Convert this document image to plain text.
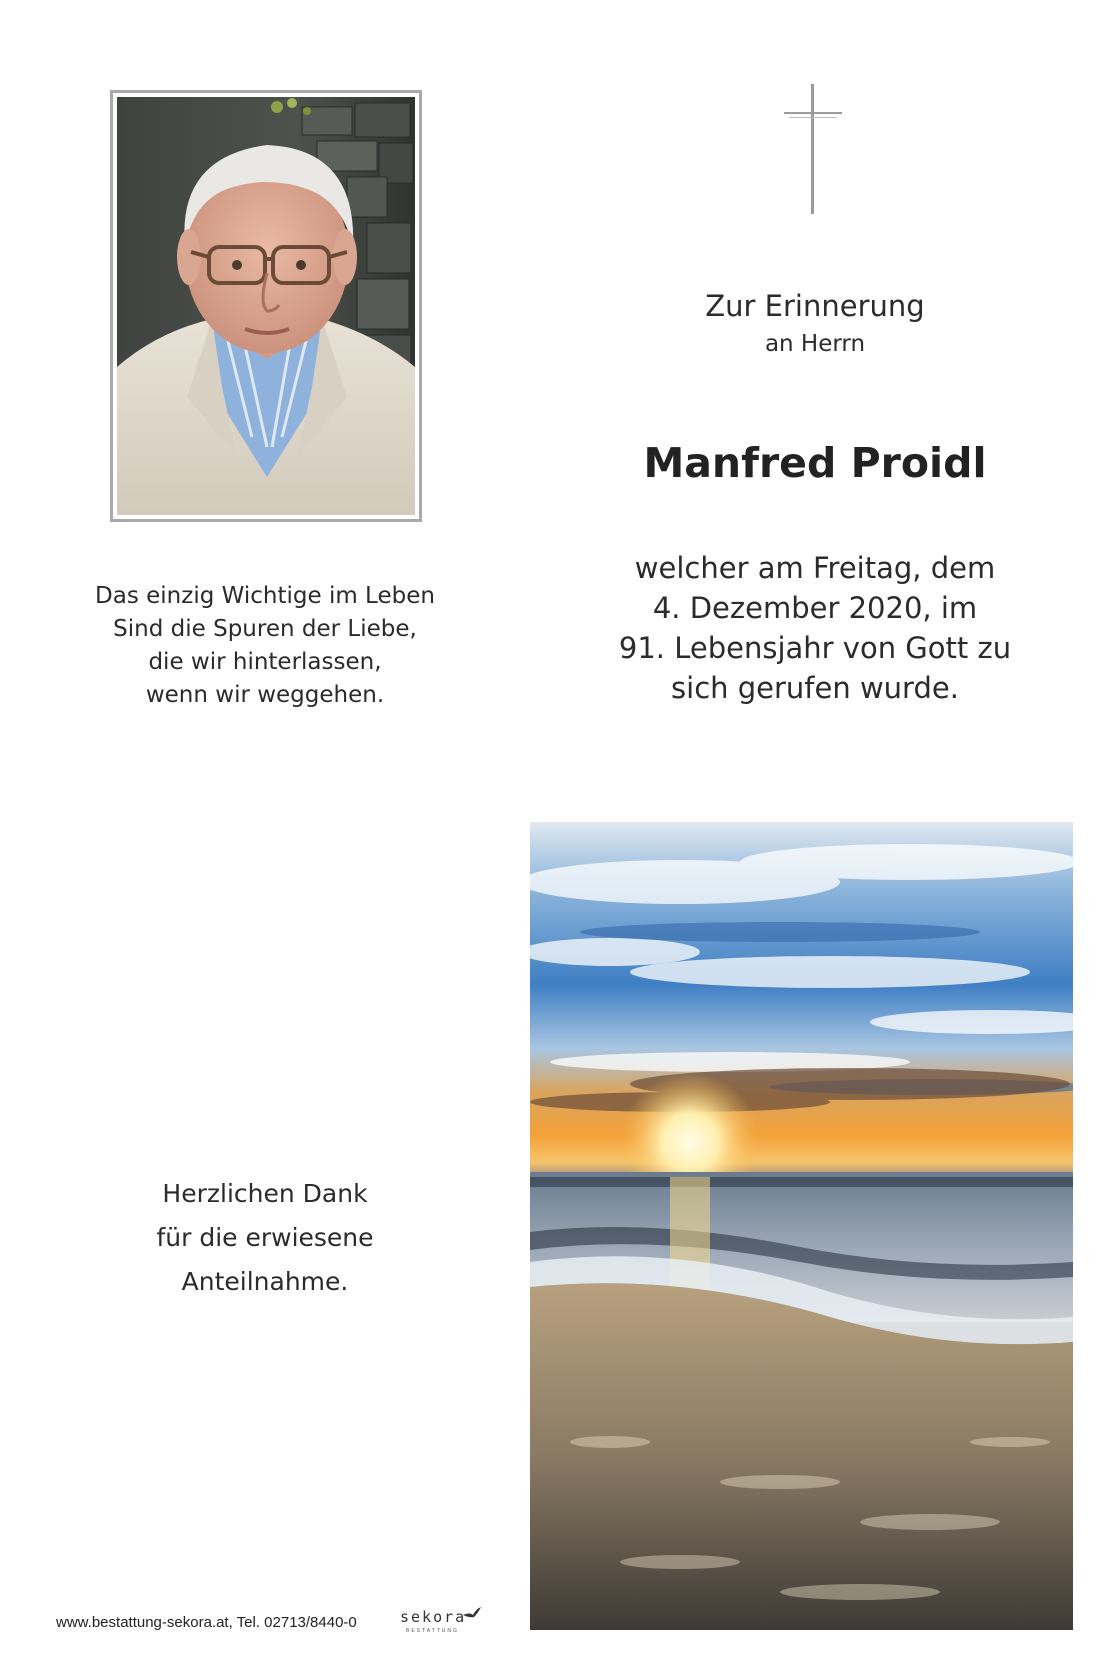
Zur Erinnerung
an Herrn
Manfred Proidl
welcher am Freitag, dem
4. Dezember 2020, im
91. Lebensjahr von Gott zu
sich gerufen wurde.
Das einzig Wichtige im Leben
Sind die Spuren der Liebe,
die wir hinterlassen,
wenn wir weggehen.
Herzlichen Dank
für die erwiesene
Anteilnahme.
www.bestattung-sekora.at, Tel. 02713/8440-0	sekora
BESTATTUNG
